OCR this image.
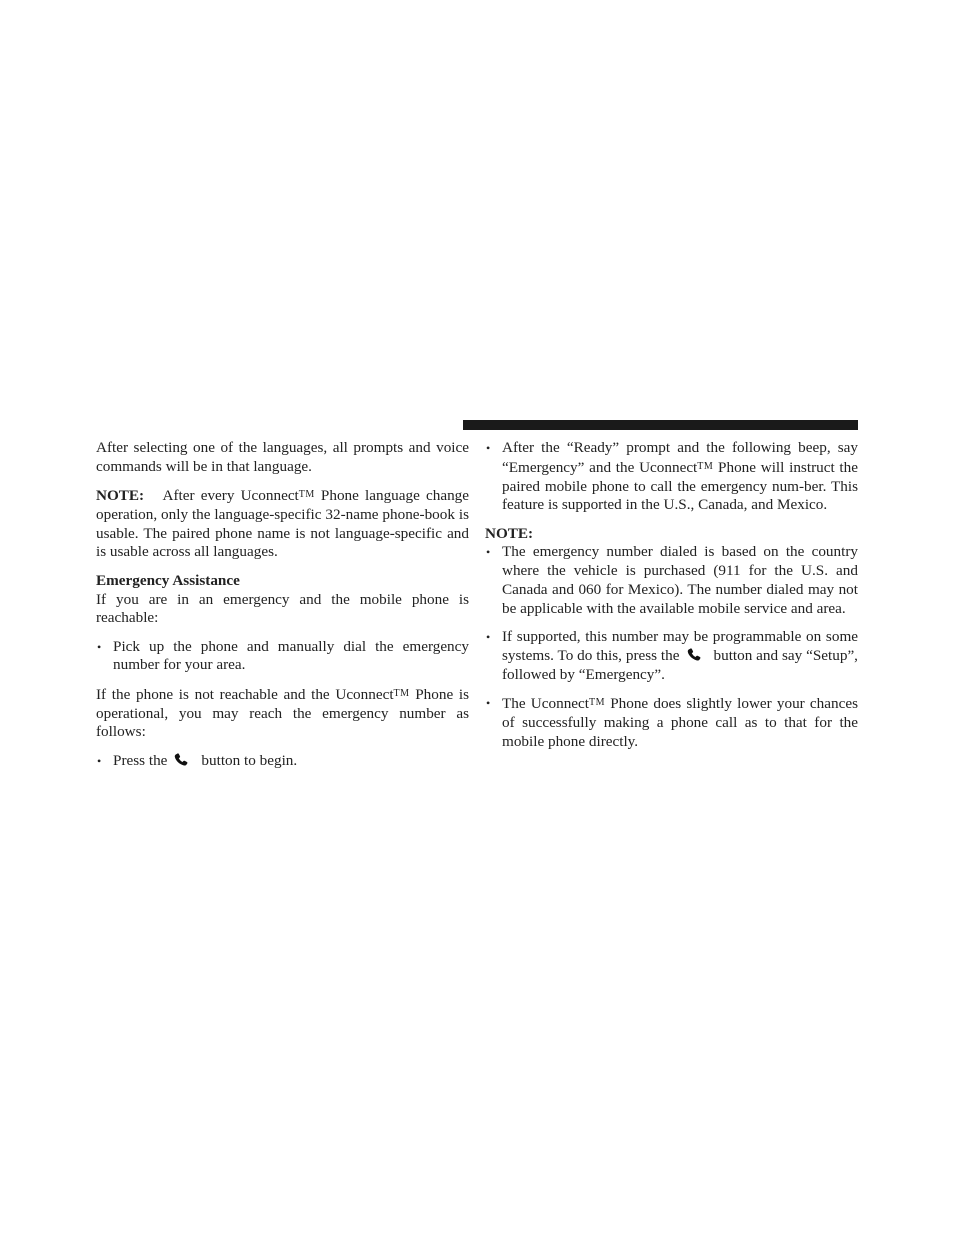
After selecting one of the languages, all prompts and voice commands will be in that language.

NOTE: After every UconnectTM Phone language change operation, only the language-specific 32-name phone-book is usable. The paired phone name is not language-specific and is usable across all languages.

Emergency Assistance

If you are in an emergency and the mobile phone is reachable:

• Pick up the phone and manually dial the emergency number for your area.

If the phone is not reachable and the UconnectTM Phone is operational, you may reach the emergency number as follows:

• Press the button to begin.
• After the “Ready” prompt and the following beep, say “Emergency” and the UconnectTM Phone will instruct the paired mobile phone to call the emergency num-ber. This feature is supported in the U.S., Canada, and Mexico.
NOTE:
• The emergency number dialed is based on the country where the vehicle is purchased (911 for the U.S. and Canada and 060 for Mexico). The number dialed may not be applicable with the available mobile service and area.
• If supported, this number may be programmable on some systems. To do this, press the button and say “Setup”, followed by “Emergency”.
• The UconnectTM Phone does slightly lower your chances of successfully making a phone call as to that for the mobile phone directly.
